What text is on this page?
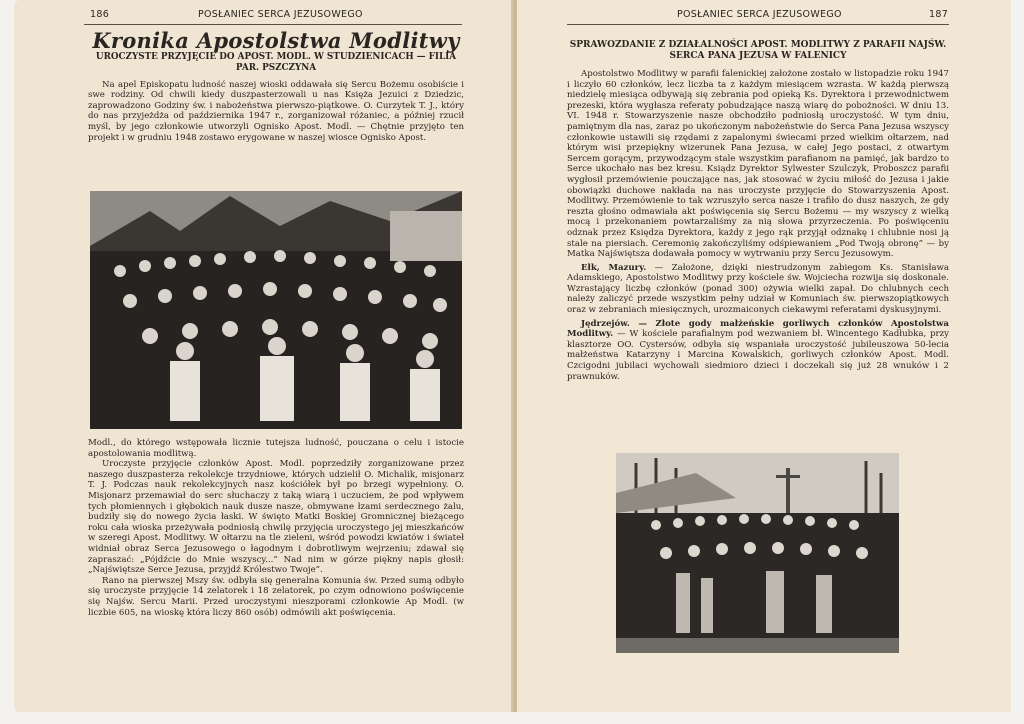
186	POSŁANIEC SERCA JEZUSOWEGO
Kronika Apostolstwa Modlitwy
UROCZYSTE PRZYJĘCIE DO APOST. MODL. W STUDZIENICACH — FILIA PAR. PSZCZYNA

Na apel Episkopatu ludność naszej wioski oddawała się Sercu Bożemu osobiście i swe rodziny. Od chwili kiedy duszpasterzowali u nas Księża Jezuici z Dziedzic, zaprowadzono Godziny św. i nabożeństwa pierwszo-piątkowe. O. Curzytek T. J., który do nas przyjeżdża od października 1947 r., zorganizował różaniec, a później rzucił myśl, by jego członkowie utworzyli Ognisko Apost. Modl. — Chętnie przyjęto ten projekt i w grudniu 1948 zostawo erygowane w naszej wiosce Ognisko Apost.

Modl., do którego wstępowała licznie tutejsza ludność, pouczana o celu i istocie apostolowania modlitwą.

Uroczyste przyjęcie członków Apost. Modl. poprzedziły zorganizowane przez naszego duszpasterza rekolekcje trzydniowe, których udzielił O. Michalik, misjonarz T. J. Podczas nauk rekolekcyjnych nasz kościółek był po brzegi wypełniony. O. Misjonarz przemawiał do serc słuchaczy z taką wiarą i uczuciem, że pod wpływem tych płomiennych i głębokich nauk dusze nasze, obmywane łzami serdecznego żalu, budziły się do nowego życia łaski. W święto Matki Boskiej Gromnicznej bieżącego roku cała wioska przeżywała podniosłą chwilę przyjęcia uroczystego jej mieszkańców w szeregi Apost. Modlitwy. W ołtarzu na tle zieleni, wśród powodzi kwiatów i świateł widniał obraz Serca Jezusowego o łagodnym i dobrotliwym wejrzeniu; zdawał się zapraszać: „Pójdźcie do Mnie wszyscy...” Nad nim w górze piękny napis głosił: „Najświętsze Serce Jezusa, przyjdź Królestwo Twoje”.

Rano na pierwszej Mszy św. odbyła się generalna Komunia św. Przed sumą odbyło się uroczyste przyjęcie 14 zelatorek i 18 zelatorek, po czym odnowiono poświęcenie się Najśw. Sercu Marii. Przed uroczystymi nieszporami członkowie Ap Modl. (w liczbie 605, na wioskę która liczy 860 osób) odmówili akt poświęcenia.

POSŁANIEC SERCA JEZUSOWEGO	187
SPRAWOZDANIE Z DZIAŁALNOŚCI APOST. MODLITWY Z PARAFII NAJŚW. SERCA PANA JEZUSA W FALENICY

Apostolstwo Modlitwy w parafii falenickiej założone zostało w listopadzie roku 1947 i liczyło 60 członków, lecz liczba ta z każdym miesiącem wzrasta. W każdą pierwszą niedzielę miesiąca odbywają się zebrania pod opieką Ks. Dyrektora i przewodnictwem prezeski, która wygłasza referaty pobudzające naszą wiarę do pobożności. W dniu 13. VI. 1948 r. Stowarzyszenie nasze obchodziło podniosłą uroczystość. W tym dniu, pamiętnym dla nas, zaraz po ukończonym nabożeństwie do Serca Pana Jezusa wszyscy członkowie ustawili się rzędami z zapalonymi świecami przed wielkim ołtarzem, nad którym wisi przepiękny wizerunek Pana Jezusa, w całej Jego postaci, z otwartym Sercem gorącym, przywodzącym stale wszystkim parafianom na pamięć, jak bardzo to Serce ukochało nas bez kresu. Ksiądz Dyrektor Sylwester Szulczyk, Proboszcz parafii wygłosił przemówienie pouczające nas, jak stosować w życiu miłość do Jezusa i jakie obowiązki duchowe nakłada na nas uroczyste przyjęcie do Stowarzyszenia Apost. Modlitwy. Przemówienie to tak wzruszyło serca nasze i trafiło do dusz naszych, że gdy reszta głośno odmawiała akt poświęcenia się Sercu Bożemu — my wszyscy z wielką mocą i przekonaniem powtarzaliśmy za nią słowa przyrzeczenia. Po poświęceniu odznak przez Księdza Dyrektora, każdy z jego rąk przyjął odznakę i chlubnie nosi ją stale na piersiach. Ceremonię zakończyliśmy odśpiewaniem „Pod Twoją obronę” — by Matka Najświętsza dodawała pomocy w wytrwaniu przy Sercu Jezusowym.

Ełk, Mazury. — Założone, dzięki niestrudzonym zabiegom Ks. Stanisława Adamskiego, Apostolstwo Modlitwy przy kościele św. Wojciecha rozwija się doskonale. Wzrastający liczbę członków (ponad 300) ożywia wielki zapał. Do chlubnych cech należy zaliczyć przede wszystkim pełny udział w Komuniach św. pierwszopiątkowych oraz w zebraniach miesięcznych, urozmaiconych ciekawymi referatami dyskusyjnymi.

Jędrzejów. — Złote gody małżeńskie gorliwych członków Apostolstwa Modlitwy. — W kościele parafialnym pod wezwaniem bł. Wincentego Kadłubka, przy klasztorze OO. Cystersów, odbyła się wspaniała uroczystość jubileuszowa 50-lecia małżeństwa Katarzyny i Marcina Kowalskich, gorliwych członków Apost. Modl. Czcigodni jubilaci wychowali siedmioro dzieci i doczekali się już 28 wnuków i 2 prawnuków.
